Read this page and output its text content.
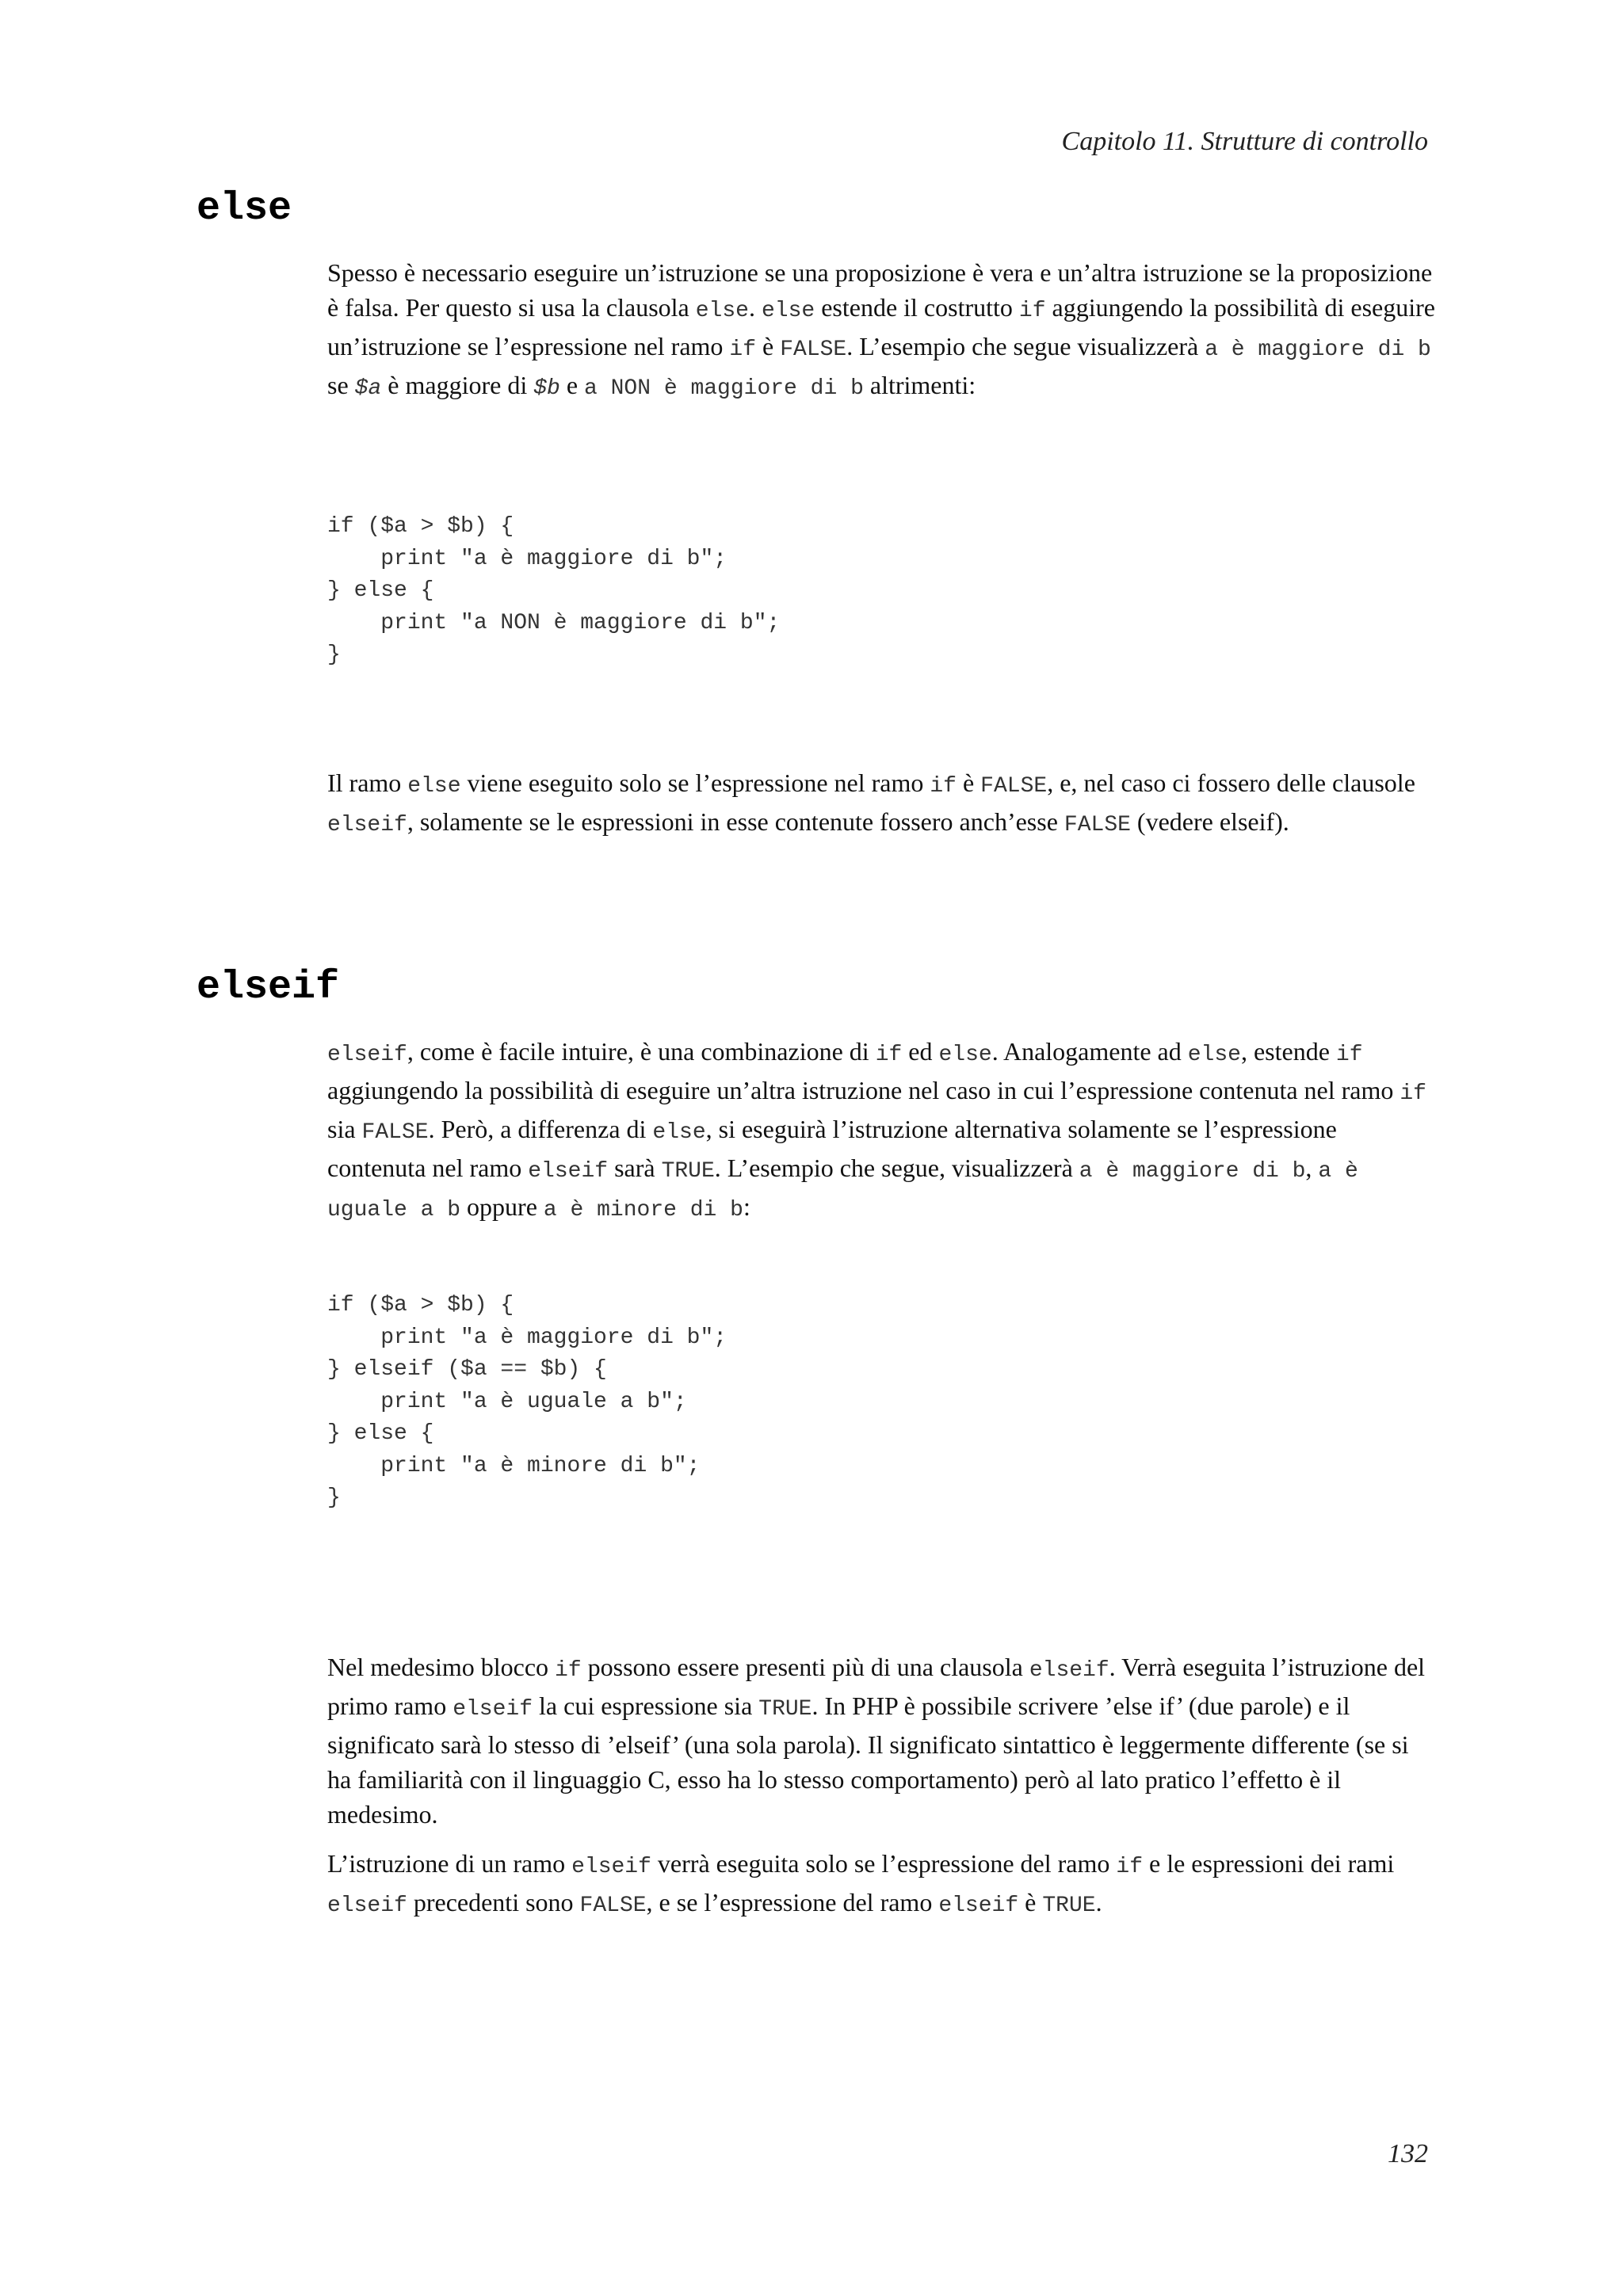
Capitolo 11. Strutture di controllo
else

Spesso è necessario eseguire un’istruzione se una proposizione è vera e un’altra istruzione se la proposizione è falsa. Per questo si usa la clausola else. else estende il costrutto if aggiungendo la possibilità di eseguire un’istruzione se l’espressione nel ramo if è FALSE. L’esempio che segue visualizzerà a è maggiore di b se $a è maggiore di $b e a NON è maggiore di b altrimenti:

if ($a > $b) {
print "a è maggiore di b";
} else {
print "a NON è maggiore di b";
}

Il ramo else viene eseguito solo se l’espressione nel ramo if è FALSE, e, nel caso ci fossero delle clausole elseif, solamente se le espressioni in esse contenute fossero anch’esse FALSE (vedere elseif).

elseif

elseif, come è facile intuire, è una combinazione di if ed else. Analogamente ad else, estende if aggiungendo la possibilità di eseguire un’altra istruzione nel caso in cui l’espressione contenuta nel ramo if sia FALSE. Però, a differenza di else, si eseguirà l’istruzione alternativa solamente se l’espressione contenuta nel ramo elseif sarà TRUE. L’esempio che segue, visualizzerà a è maggiore di b, a è uguale a b oppure a è minore di b:

if ($a > $b) {
print "a è maggiore di b";
} elseif ($a == $b) {
print "a è uguale a b";
} else {
print "a è minore di b";
}

Nel medesimo blocco if possono essere presenti più di una clausola elseif. Verrà eseguita l’istruzione del primo ramo elseif la cui espressione sia TRUE. In PHP è possibile scrivere ’else if’ (due parole) e il significato sarà lo stesso di ’elseif’ (una sola parola). Il significato sintattico è leggermente differente (se si ha familiarità con il linguaggio C, esso ha lo stesso comportamento) però al lato pratico l’effetto è il medesimo.

L’istruzione di un ramo elseif verrà eseguita solo se l’espressione del ramo if e le espressioni dei rami elseif precedenti sono FALSE, e se l’espressione del ramo elseif è TRUE.

132
